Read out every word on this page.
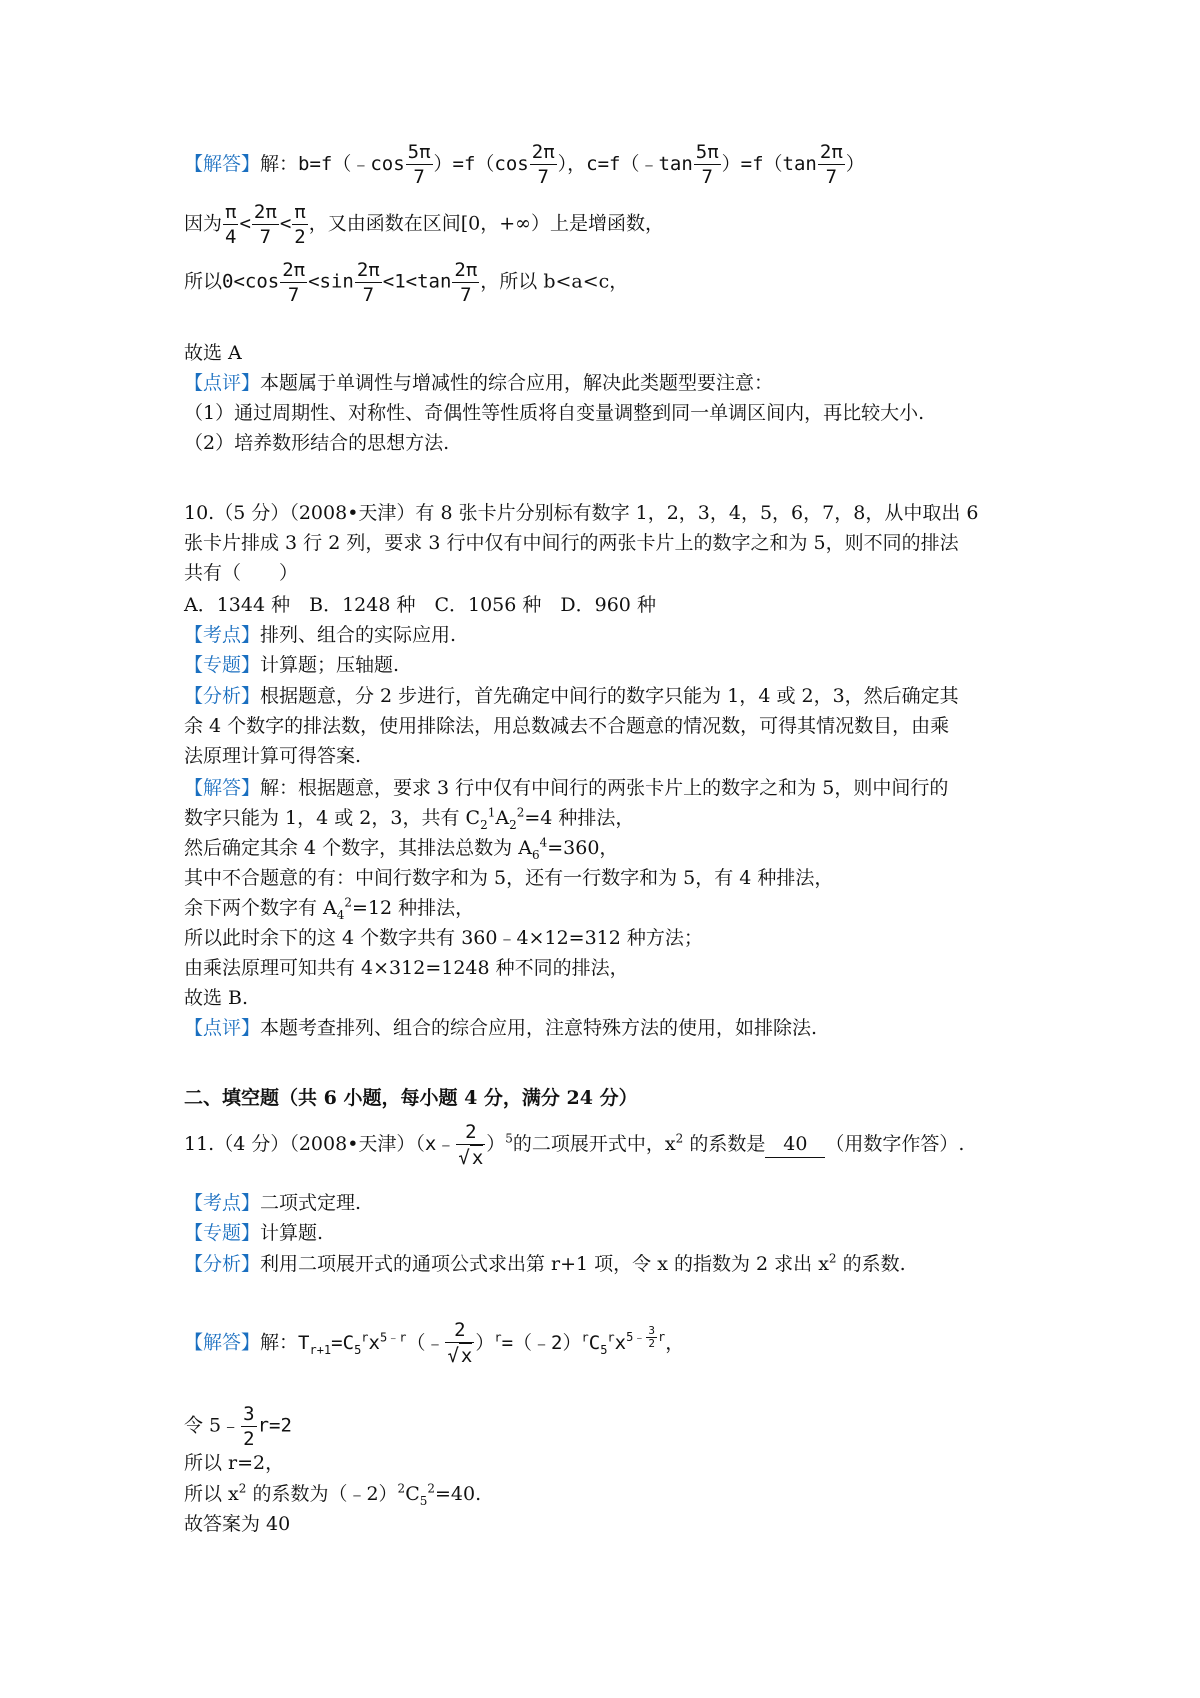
【解答】解：b=f（﹣cos $\frac{5\pi}{7} )=f(\cos \frac{2\pi}{7}$ ），c=f（﹣tan $\frac{5\pi}{7} )=f(\tan \frac{2\pi}{7}$ ）
因为 $\frac{\pi}{4} < \frac{2\pi}{7} < \frac{\pi}{2}$ ，又由函数在区间[0，+∞）上是增函数，
所以$0<\cos \frac{2\pi}{7} <\sin \frac{2\pi}{7} <1<\tan \frac{2\pi}{7}$ ，所以 b<a<c，
故选 A
【点评】本题属于单调性与增减性的综合应用，解决此类题型要注意：
（1）通过周期性、对称性、奇偶性等性质将自变量调整到同一单调区间内，再比较大小.
（2）培养数形结合的思想方法.
10.（5 分）（2008•天津）有 8 张卡片分别标有数字 1，2，3，4，5，6，7，8，从中取出 6
张卡片排成 3 行 2 列，要求 3 行中仅有中间行的两张卡片上的数字之和为 5，则不同的排法
共有（　　）
A．1344 种　B．1248 种　C．1056 种　D．960 种
【考点】排列、组合的实际应用.
【专题】计算题；压轴题.
【分析】根据题意，分 2 步进行，首先确定中间行的数字只能为 1，4 或 2，3，然后确定其
余 4 个数字的排法数，使用排除法，用总数减去不合题意的情况数，可得其情况数目，由乘
法原理计算可得答案.
【解答】解：根据题意，要求 3 行中仅有中间行的两张卡片上的数字之和为 5，则中间行的
数字只能为 1，4 或 2，3，共有 $C_2^1A_2^2=4$ 种排法，
然后确定其余 4 个数字，其排法总数为 $A_6^4=360$，
其中不合题意的有：中间行数字和为 5，还有一行数字和为 5，有 4 种排法，
余下两个数字有 $A_4^2=12$ 种排法，
所以此时余下的这 4 个数字共有 360﹣4×12=312 种方法；
由乘法原理可知共有 4×312=1248 种不同的排法，
故选 B.
【点评】本题考查排列、组合的综合应用，注意特殊方法的使用，如排除法.
二、填空题（共 6 小题，每小题 4 分，满分 24 分）
11.（4 分）（2008•天津）（x﹣ $\frac{2}{√ x} )^5$的二项展开式中，$x^2$ 的系数是 40 （用数字作答）.
【考点】二项式定理.
【专题】计算题.
【分析】利用二项展开式的通项公式求出第 r+1 项，令 x 的指数为 2 求出 $x^2$ 的系数.
【解答】解：$T_{r+1}=C_5^rx^{5﹣r}(﹣ \frac{2}{√ x}$ ）$^r=(﹣2)^rC_5^rx^{5﹣ \frac{3}{2} r}$，
令 5﹣ $\frac{3}{2} r=2$
所以 r=2，
所以 $x^2$ 的系数为$(﹣2)^2C_5^2=40$.
故答案为 40
